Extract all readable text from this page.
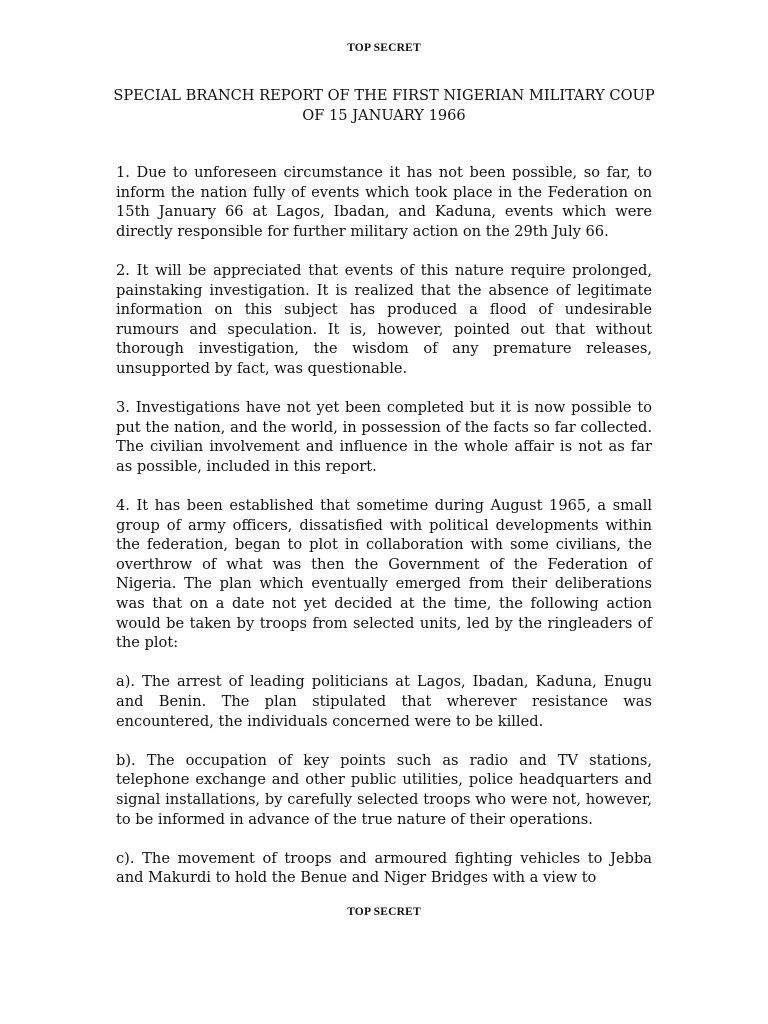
TOP SECRET
SPECIAL BRANCH REPORT OF THE FIRST NIGERIAN MILITARY COUP
OF 15 JANUARY 1966

1. Due to unforeseen circumstance it has not been possible, so far, to inform the nation fully of events which took place in the Federation on 15th January 66 at Lagos, Ibadan, and Kaduna, events which were directly responsible for further military action on the 29th July 66.

2. It will be appreciated that events of this nature require prolonged, painstaking investigation. It is realized that the absence of legitimate information on this subject has produced a flood of undesirable rumours and speculation. It is, however, pointed out that without thorough investigation, the wisdom of any premature releases, unsupported by fact, was questionable.

3. Investigations have not yet been completed but it is now possible to put the nation, and the world, in possession of the facts so far collected. The civilian involvement and influence in the whole affair is not as far as possible, included in this report.

4. It has been established that sometime during August 1965, a small group of army officers, dissatisfied with political developments within the federation, began to plot in collaboration with some civilians, the overthrow of what was then the Government of the Federation of Nigeria. The plan which eventually emerged from their deliberations was that on a date not yet decided at the time, the following action would be taken by troops from selected units, led by the ringleaders of the plot:

a). The arrest of leading politicians at Lagos, Ibadan, Kaduna, Enugu and Benin. The plan stipulated that wherever resistance was encountered, the individuals concerned were to be killed.

b). The occupation of key points such as radio and TV stations, telephone exchange and other public utilities, police headquarters and signal installations, by carefully selected troops who were not, however, to be informed in advance of the true nature of their operations.

c). The movement of troops and armoured fighting vehicles to Jebba and Makurdi to hold the Benue and Niger Bridges with a view to

TOP SECRET
